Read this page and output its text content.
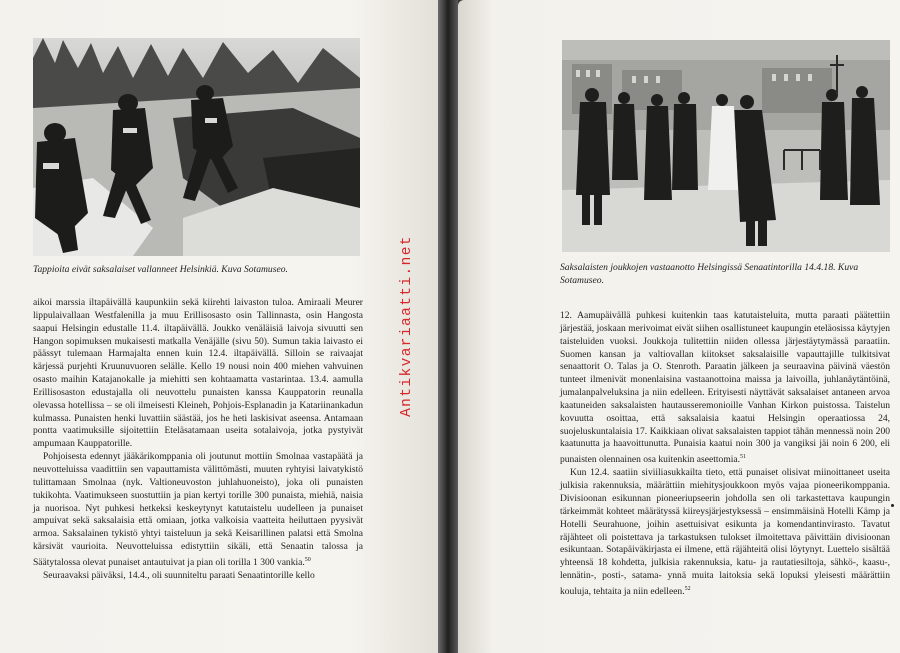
Tappioita eivät saksalaiset vallanneet Helsinkiä. Kuva Sotamuseo.

aikoi marssia iltapäivällä kaupunkiin sekä kiirehti laivaston tuloa. Amiraali Meurer lippulaivallaan Westfalenilla ja muu Erillisosasto osin Tallinnasta, osin Hangosta saapui Helsingin edustalle 11.4. iltapäivällä. Joukko venäläisiä laivoja sivuutti sen Hangon sopimuksen mukaisesti matkalla Venäjälle (sivu 50). Sumun takia laivasto ei päässyt tulemaan Harmajalta ennen kuin 12.4. iltapäivällä. Silloin se raivaajat kärjessä purjehti Kruunuvuoren selälle. Kello 19 nousi noin 400 miehen vahvuinen osasto maihin Katajanokalle ja miehitti sen kohtaamatta vastarintaa. 13.4. aamulla Erillisosaston edustajalla oli neuvottelu punaisten kanssa Kauppatorin reunalla olevassa hotellissa – se oli ilmeisesti Kleineh, Pohjois-Esplanadin ja Katariinankadun kulmassa. Punaisten henki luvattiin säästää, jos he heti laskisivat aseensa. Antamaan pontta vaatimuksille sijoitettiin Eteläsatamaan useita sotalaivoja, jotka pystyivät ampumaan Kauppatorille.

Pohjoisesta edennyt jääkärikomppania oli joutunut mottiin Smolnaa vastapäätä ja neuvotteluissa vaadittiin sen vapauttamista välittömästi, muuten ryhtyisi laivatykistö tulittamaan Smolnaa (nyk. Valtioneuvoston juhlahuoneisto), joka oli punaisten tukikohta. Vaatimukseen suostuttiin ja pian kertyi torille 300 punaista, miehiä, naisia ja nuorisoa. Nyt puhkesi hetkeksi keskeytynyt katutaistelu uudelleen ja punaiset ampuivat sekä saksalaisia että omiaan, jotka valkoisia vaatteita heiluttaen pyysivät armoa. Saksalainen tykistö yhtyi taisteluun ja sekä Keisarillinen palatsi että Smolna kärsivät vaurioita. Neuvotteluissa edistyttiin sikäli, että Senaatin talossa ja Säätytalossa olevat punaiset antautuivat ja pian oli torilla 1 300 vankia.$^{50}$

Seuraavaksi päiväksi, 14.4., oli suunniteltu paraati Senaatintorille kello

Saksalaisten joukkojen vastaanotto Helsingissä Senaatintorilla 14.4.18. Kuva Sotamuseo.

12. Aamupäivällä puhkesi kuitenkin taas katutaisteluita, mutta paraati päätettiin järjestää, joskaan merivoimat eivät siihen osallistuneet kaupungin eteläosissa käytyjen taisteluiden vuoksi. Joukkoja tulitettiin niiden ollessa järjestäytymässä paraatiin. Suomen kansan ja valtiovallan kiitokset saksalaisille vapauttajille tulkitsivat senaattorit O. Talas ja O. Stenroth. Paraatin jälkeen ja seuraavina päivinä väestön tunteet ilmenivät monenlaisina vastaanottoina maissa ja laivoilla, juhlanäytäntöinä, jumalanpalveluksina ja niin edelleen. Erityisesti näyttävät saksalaiset antaneen arvoa kaatuneiden saksalaisten hautausseremonioille Vanhan Kirkon puistossa. Taistelun kovuutta osoittaa, että saksalaisia kaatui Helsingin operaatiossa 24, suojeluskuntalaisia 17. Kaikkiaan olivat saksalaisten tappiot tähän mennessä noin 200 kaatunutta ja haavoittunutta. Punaisia kaatui noin 300 ja vangiksi jäi noin 6 200, eli punaisten olennainen osa kuitenkin aseettomia.$^{51}$

Kun 12.4. saatiin siviiliasukkailta tieto, että punaiset olisivat miinoittaneet useita julkisia rakennuksia, määrättiin miehitysjoukkoon myös vajaa pioneerikomppania. Divisioonan esikunnan pioneeriupseerin johdolla sen oli tarkastettava kaupungin tärkeimmät kohteet määrätyssä kiireysjärjestyksessä – ensimmäisinä Hotelli Kämp ja Hotelli Seurahuone, joihin asettuisivat esikunta ja komendantinvirasto. Tavatut räjähteet oli poistettava ja tarkastuksen tulokset ilmoitettava päivittäin divisioonan esikuntaan. Sotapäiväkirjasta ei ilmene, että räjähteitä olisi löytynyt. Luettelo sisältää yhteensä 18 kohdetta, julkisia rakennuksia, katu- ja rautatiesiltoja, sähkö-, kaasu-, lennätin-, posti-, satama- ynnä muita laitoksia sekä lopuksi yleisesti määrättiin kouluja, tehtaita ja niin edelleen.$^{52}$

Antikvariaatti.net
